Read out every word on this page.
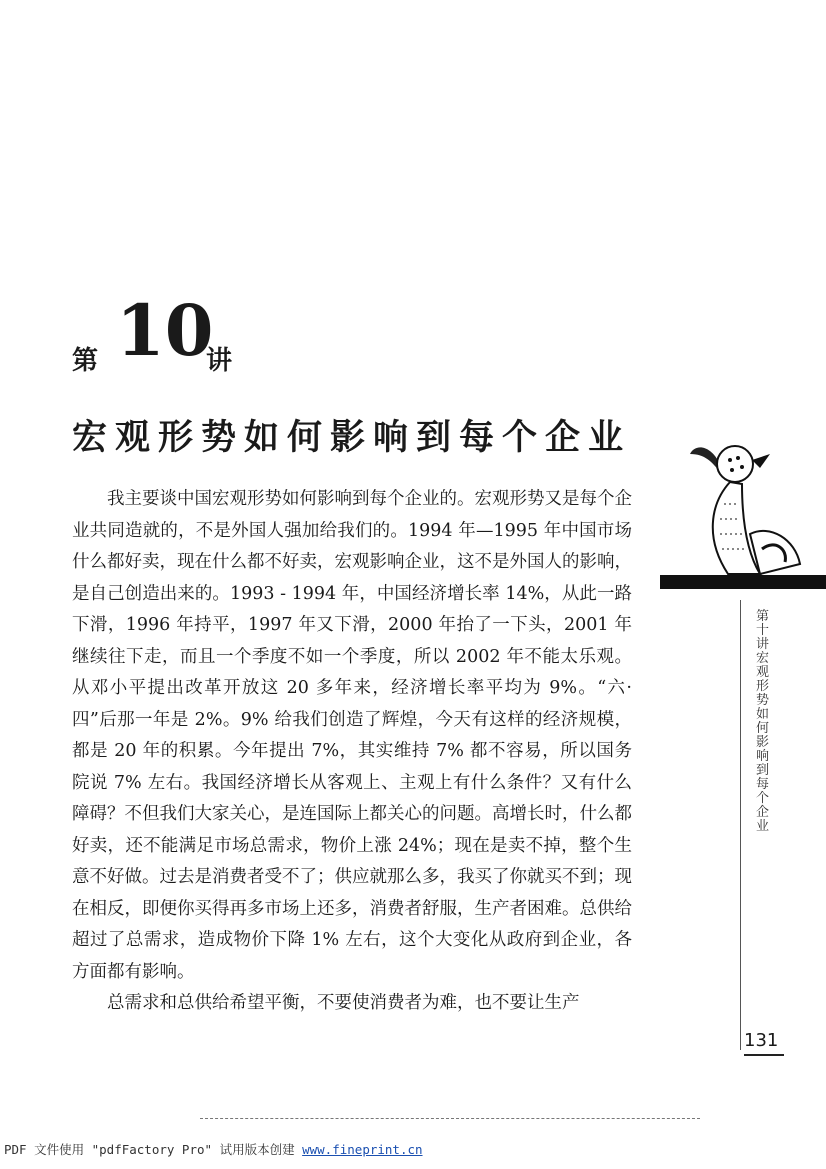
第 10
讲
宏观形势如何影响到每个企业

我主要谈中国宏观形势如何影响到每个企业的。宏观形势又是每个企业共同造就的，不是外国人强加给我们的。1994 年—1995 年中国市场什么都好卖，现在什么都不好卖，宏观影响企业，这不是外国人的影响，是自己创造出来的。1993 - 1994 年，中国经济增长率 14%，从此一路下滑，1996 年持平，1997 年又下滑，2000 年抬了一下头，2001 年继续往下走，而且一个季度不如一个季度，所以 2002 年不能太乐观。从邓小平提出改革开放这 20 多年来，经济增长率平均为 9%。“六·四”后那一年是 2%。9% 给我们创造了辉煌，今天有这样的经济规模，都是 20 年的积累。今年提出 7%，其实维持 7% 都不容易，所以国务院说 7% 左右。我国经济增长从客观上、主观上有什么条件？又有什么障碍？不但我们大家关心，是连国际上都关心的问题。高增长时，什么都好卖，还不能满足市场总需求，物价上涨 24%；现在是卖不掉，整个生意不好做。过去是消费者受不了；供应就那么多，我买了你就买不到；现在相反，即便你买得再多市场上还多，消费者舒服，生产者困难。总供给超过了总需求，造成物价下降 1% 左右，这个大变化从政府到企业，各方面都有影响。

总需求和总供给希望平衡，不要使消费者为难，也不要让生产

第十讲 宏观形势如何影响到每个企业
131
PDF 文件使用 "pdfFactory Pro" 试用版本创建 www.fineprint.cn
